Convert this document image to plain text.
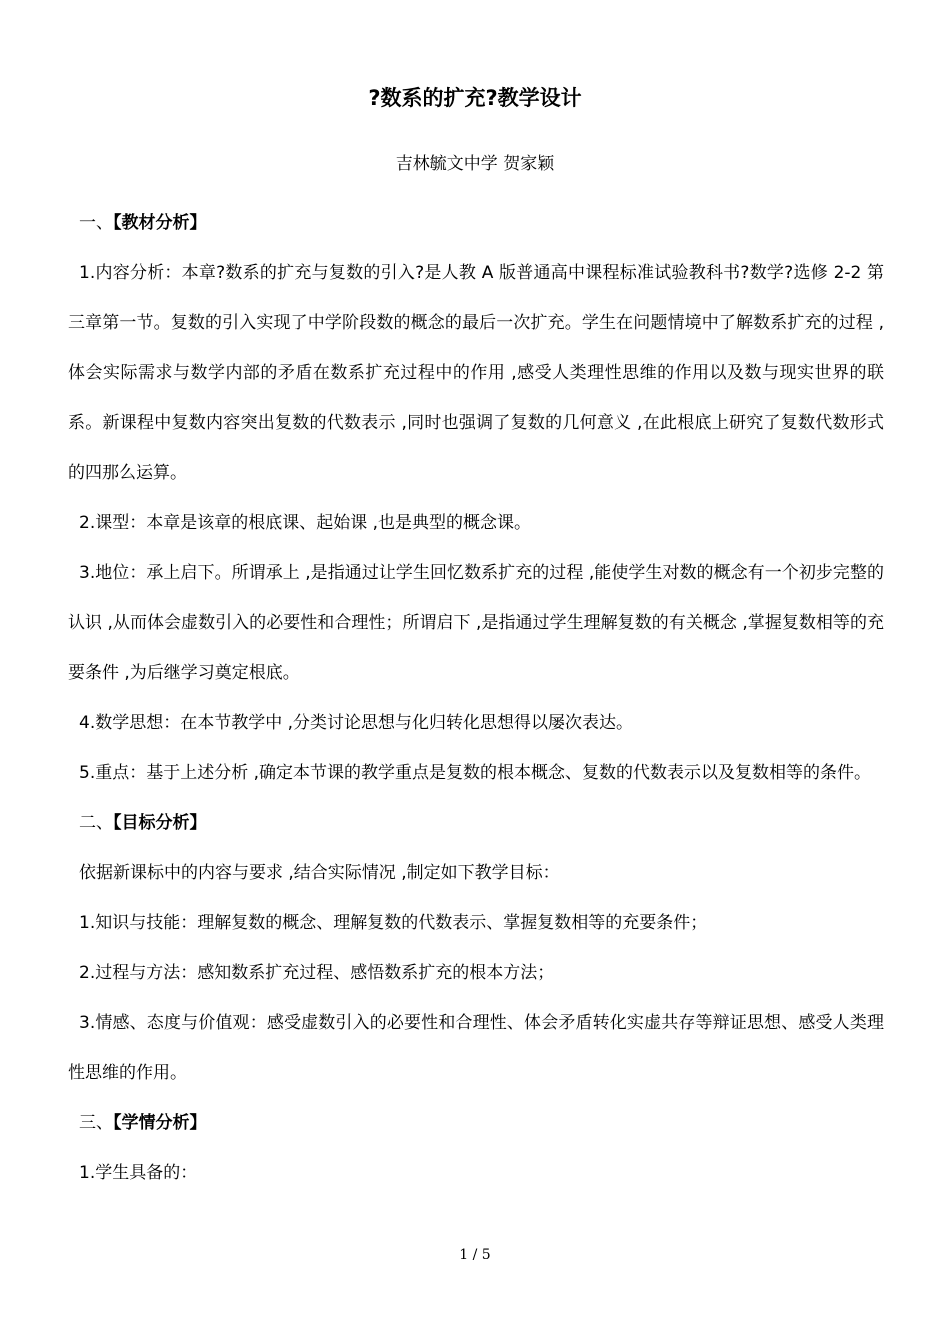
?数系的扩充?教学设计

吉林毓文中学 贺家颖

一、【教材分析】

1.内容分析：本章?数系的扩充与复数的引入?是人教 A 版普通高中课程标准试验教科书?数学?选修 2-2 第三章第一节。复数的引入实现了中学阶段数的概念的最后一次扩充。学生在问题情境中了解数系扩充的过程 ,体会实际需求与数学内部的矛盾在数系扩充过程中的作用 ,感受人类理性思维的作用以及数与现实世界的联系。新课程中复数内容突出复数的代数表示 ,同时也强调了复数的几何意义 ,在此根底上研究了复数代数形式的四那么运算。

2.课型：本章是该章的根底课、起始课 ,也是典型的概念课。

3.地位：承上启下。所谓承上 ,是指通过让学生回忆数系扩充的过程 ,能使学生对数的概念有一个初步完整的认识 ,从而体会虚数引入的必要性和合理性；所谓启下 ,是指通过学生理解复数的有关概念 ,掌握复数相等的充要条件 ,为后继学习奠定根底。

4.数学思想：在本节教学中 ,分类讨论思想与化归转化思想得以屡次表达。

5.重点：基于上述分析 ,确定本节课的教学重点是复数的根本概念、复数的代数表示以及复数相等的条件。

二、【目标分析】

依据新课标中的内容与要求 ,结合实际情况 ,制定如下教学目标：

1.知识与技能：理解复数的概念、理解复数的代数表示、掌握复数相等的充要条件；

2.过程与方法：感知数系扩充过程、感悟数系扩充的根本方法；

3.情感、态度与价值观：感受虚数引入的必要性和合理性、体会矛盾转化实虚共存等辩证思想、感受人类理性思维的作用。

三、【学情分析】

1.学生具备的：

1 / 5
